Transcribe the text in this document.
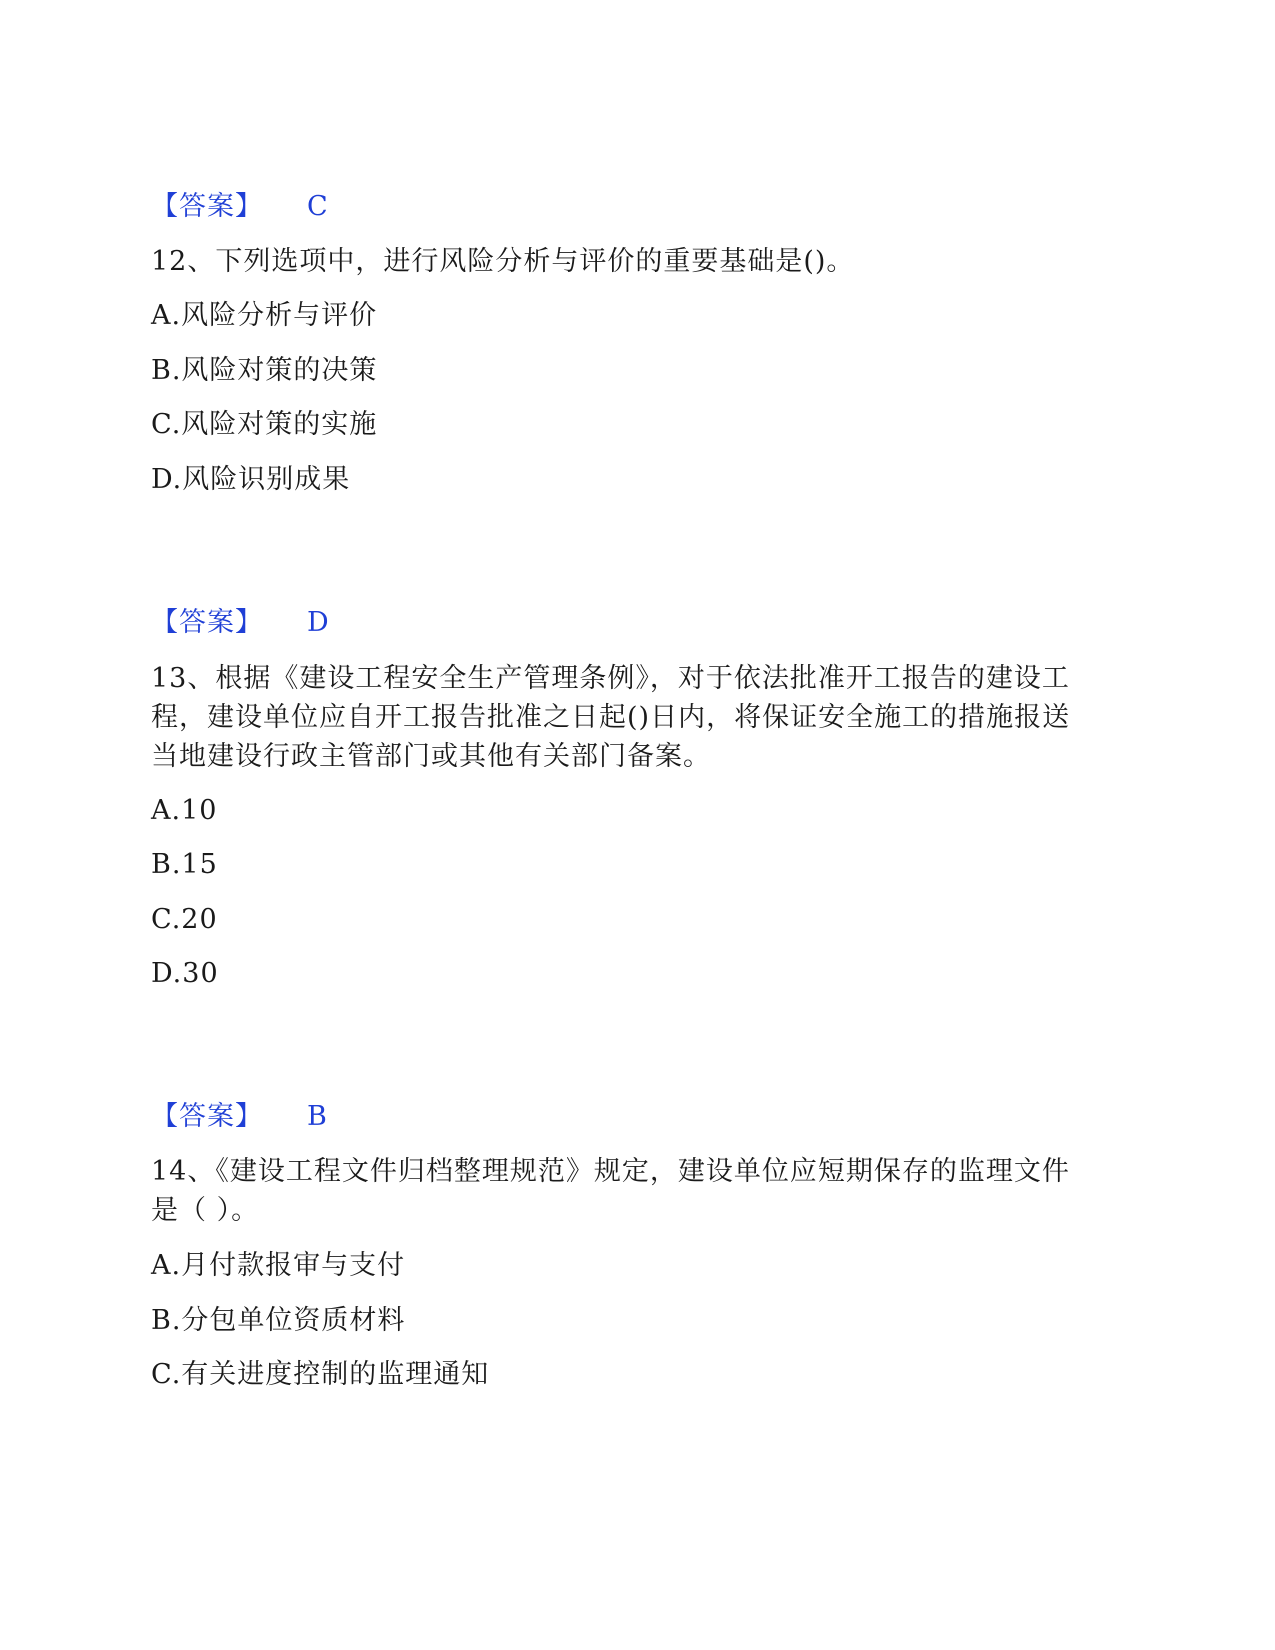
【答案】 C
12、下列选项中，进行风险分析与评价的重要基础是()。
A.风险分析与评价
B.风险对策的决策
C.风险对策的实施
D.风险识别成果
【答案】 D
13、根据《建设工程安全生产管理条例》，对于依法批准开工报告的建设工
程，建设单位应自开工报告批准之日起()日内，将保证安全施工的措施报送
当地建设行政主管部门或其他有关部门备案。
A.10
B.15
C.20
D.30
【答案】 B
14、《建设工程文件归档整理规范》规定，建设单位应短期保存的监理文件
是（ ）。
A.月付款报审与支付
B.分包单位资质材料
C.有关进度控制的监理通知
